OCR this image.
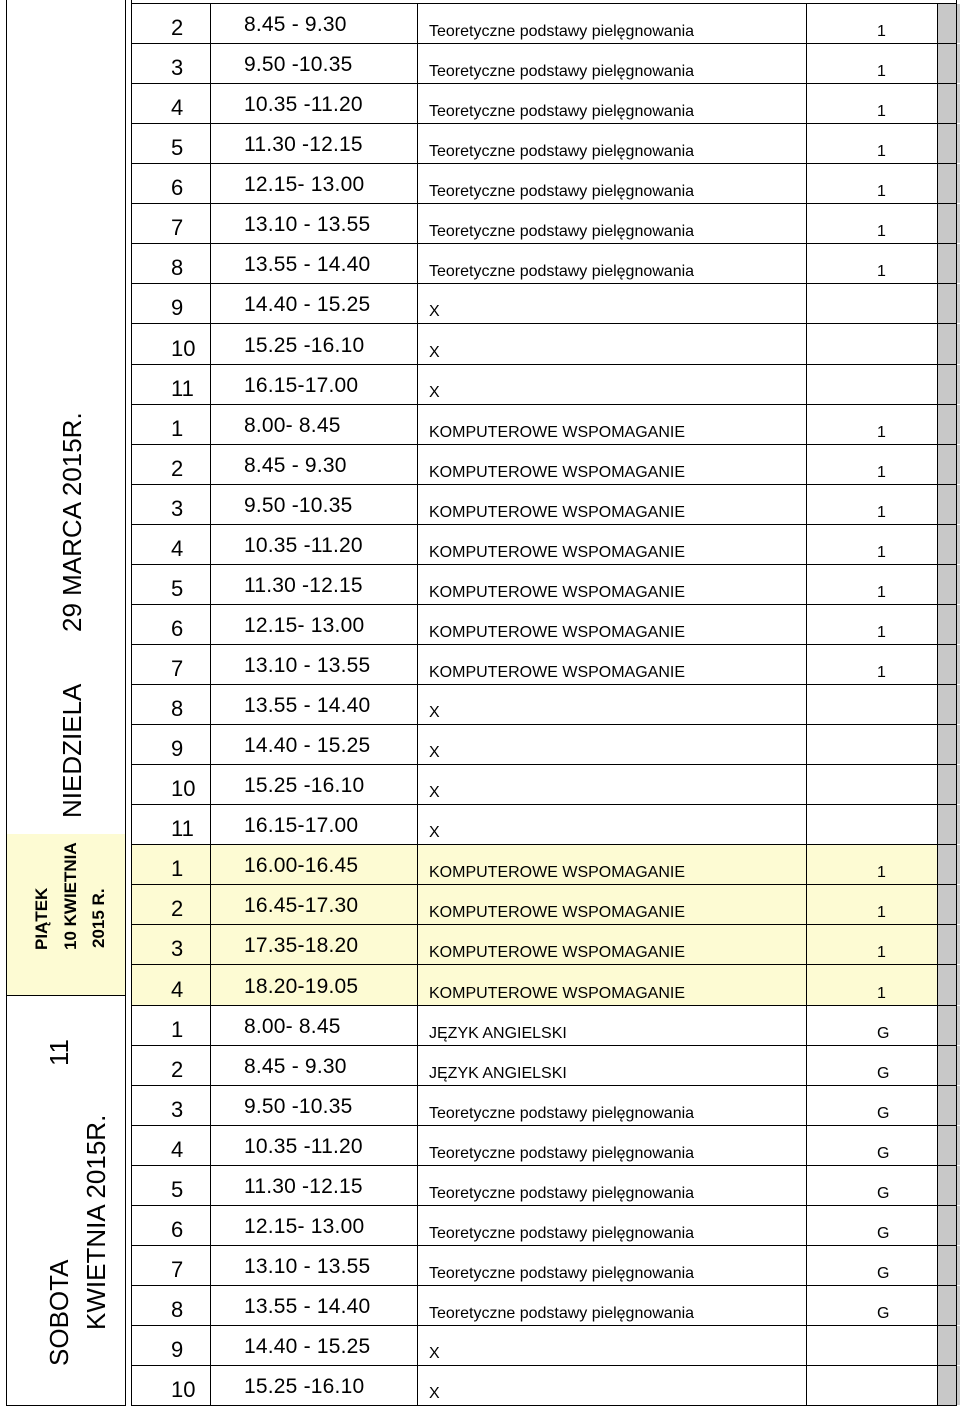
NIEDZIELA
29 MARCA 2015R.
PIĄTEK 10 KWIETNIA 2015 R.
SOBOTA
11
KWIETNIA 2015R.
2	8.45 - 9.30	Teoretyczne podstawy pielęgnowania	1
3	9.50 -10.35	Teoretyczne podstawy pielęgnowania	1
4	10.35 -11.20	Teoretyczne podstawy pielęgnowania	1
5	11.30 -12.15	Teoretyczne podstawy pielęgnowania	1
6	12.15- 13.00	Teoretyczne podstawy pielęgnowania	1
7	13.10 - 13.55	Teoretyczne podstawy pielęgnowania	1
8	13.55 - 14.40	Teoretyczne podstawy pielęgnowania	1
9	14.40 - 15.25	X
10 15.25 -16.10	X
11 16.15-17.00	X
1	8.00- 8.45	KOMPUTEROWE WSPOMAGANIE	1
2	8.45 - 9.30	KOMPUTEROWE WSPOMAGANIE	1
3	9.50 -10.35	KOMPUTEROWE WSPOMAGANIE	1
4	10.35 -11.20	KOMPUTEROWE WSPOMAGANIE	1
5	11.30 -12.15	KOMPUTEROWE WSPOMAGANIE	1
6	12.15- 13.00	KOMPUTEROWE WSPOMAGANIE	1
7	13.10 - 13.55	KOMPUTEROWE WSPOMAGANIE	1
8	13.55 - 14.40	X
9	14.40 - 15.25	X
10 15.25 -16.10	X
11 16.15-17.00	X
1	16.00-16.45	KOMPUTEROWE WSPOMAGANIE	1
2	16.45-17.30	KOMPUTEROWE WSPOMAGANIE	1
3	17.35-18.20	KOMPUTEROWE WSPOMAGANIE	1
4	18.20-19.05	KOMPUTEROWE WSPOMAGANIE	1
1	8.00- 8.45	JĘZYK ANGIELSKI	G
2	8.45 - 9.30	JĘZYK ANGIELSKI	G
3	9.50 -10.35	Teoretyczne podstawy pielęgnowania	G
4	10.35 -11.20	Teoretyczne podstawy pielęgnowania	G
5	11.30 -12.15	Teoretyczne podstawy pielęgnowania	G
6	12.15- 13.00	Teoretyczne podstawy pielęgnowania	G
7	13.10 - 13.55	Teoretyczne podstawy pielęgnowania	G
8	13.55 - 14.40	Teoretyczne podstawy pielęgnowania	G
9	14.40 - 15.25	X
10 15.25 -16.10	X
